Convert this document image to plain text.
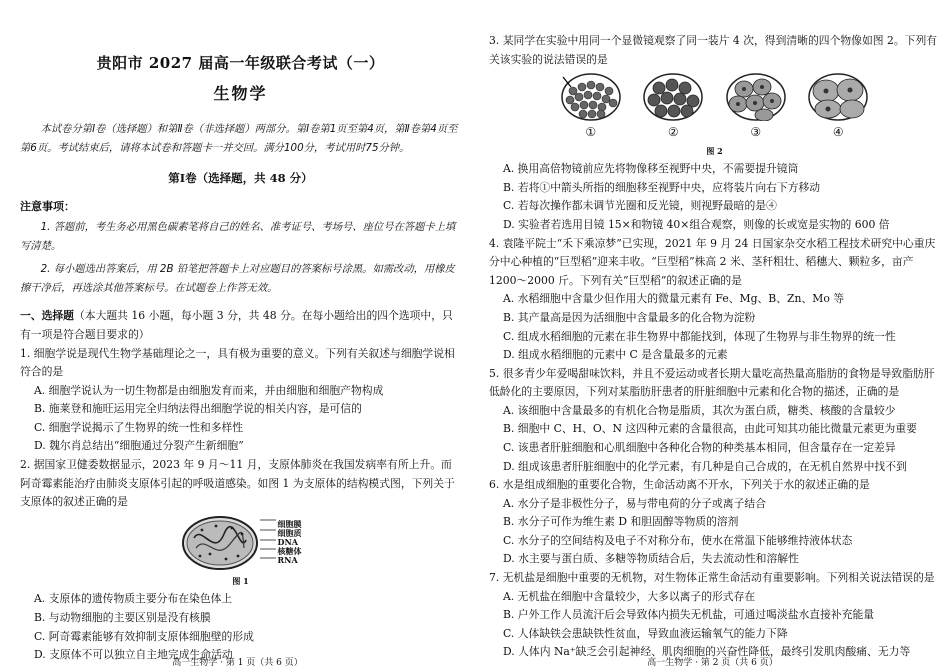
贵阳市 2027 届高一年级联合考试（一）
生物学
本试卷分第Ⅰ卷（选择题）和第Ⅱ卷（非选择题）两部分。第Ⅰ卷第1页至第4页，第Ⅱ卷第4页至第6页。考试结束后，请将本试卷和答题卡一并交回。满分100分，考试用时75分钟。
第Ⅰ卷（选择题，共 48 分）
注意事项：
1. 答题前，考生务必用黑色碳素笔将自己的姓名、准考证号、考场号、座位号在答题卡上填写清楚。
2. 每小题选出答案后，用 2B 铅笔把答题卡上对应题目的答案标号涂黑。如需改动，用橡皮擦干净后，再选涂其他答案标号。在试题卷上作答无效。
一、选择题（本大题共 16 小题，每小题 3 分，共 48 分。在每小题给出的四个选项中，只有一项是符合题目要求的）
1. 细胞学说是现代生物学基础理论之一，具有极为重要的意义。下列有关叙述与细胞学说相符合的是
A. 细胞学说认为一切生物都是由细胞发育而来，并由细胞和细胞产物构成
B. 施莱登和施旺运用完全归纳法得出细胞学说的相关内容，是可信的
C. 细胞学说揭示了生物界的统一性和多样性
D. 魏尔肖总结出“细胞通过分裂产生新细胞”
2. 据国家卫健委数据显示，2023 年 9 月～11 月，支原体肺炎在我国发病率有所上升。而阿奇霉素能治疗由肺炎支原体引起的呼吸道感染。如图 1 为支原体的结构模式图，下列关于支原体的叙述正确的是
细胞膜
细胞质
DNA
核糖体
RNA
图 1
A. 支原体的遗传物质主要分布在染色体上
B. 与动物细胞的主要区别是没有核膜
C. 阿奇霉素能够有效抑制支原体细胞壁的形成
D. 支原体不可以独立自主地完成生命活动
高一生物学 · 第 1 页（共 6 页）
3. 某同学在实验中用同一个显微镜观察了同一装片 4 次，得到清晰的四个物像如图 2。下列有关该实验的说法错误的是
①	②	③	④
图 2
A. 换用高倍物镜前应先将物像移至视野中央，不需要提升镜筒
B. 若将①中箭头所指的细胞移至视野中央，应将装片向右下方移动
C. 若每次操作都未调节光圈和反光镜，则视野最暗的是④
D. 实验者若选用目镜 15×和物镜 40×组合观察，则像的长或宽是实物的 600 倍
4. 袁隆平院士“禾下乘凉梦”已实现，2021 年 9 月 24 日国家杂交水稻工程技术研究中心重庆分中心种植的“巨型稻”迎来丰收。“巨型稻”株高 2 米、茎秆粗壮、稻穗大、颗粒多，亩产 1200～2000 斤。下列有关“巨型稻”的叙述正确的是
A. 水稻细胞中含量少但作用大的微量元素有 Fe、Mg、B、Zn、Mo 等
B. 其产量高是因为活细胞中含量最多的化合物为淀粉
C. 组成水稻细胞的元素在非生物界中都能找到，体现了生物界与非生物界的统一性
D. 组成水稻细胞的元素中 C 是含量最多的元素
5. 很多青少年爱喝甜味饮料，并且不爱运动或者长期大量吃高热量高脂肪的食物是导致脂肪肝低龄化的主要原因，下列对某脂肪肝患者的肝脏细胞中元素和化合物的描述，正确的是
A. 该细胞中含量最多的有机化合物是脂质，其次为蛋白质，糖类、核酸的含量较少
B. 细胞中 C、H、O、N 这四种元素的含量很高，由此可知其功能比微量元素更为重要
C. 该患者肝脏细胞和心肌细胞中各种化合物的种类基本相同，但含量存在一定差异
D. 组成该患者肝脏细胞中的化学元素，有几种是自己合成的，在无机自然界中找不到
6. 水是组成细胞的重要化合物，生命活动离不开水，下列关于水的叙述正确的是
A. 水分子是非极性分子，易与带电荷的分子或离子结合
B. 水分子可作为维生素 D 和胆固醇等物质的溶剂
C. 水分子的空间结构及电子不对称分布，使水在常温下能够维持液体状态
D. 水主要与蛋白质、多糖等物质结合后，失去流动性和溶解性
7. 无机盐是细胞中重要的无机物，对生物体正常生命活动有重要影响。下列相关说法错误的是
A. 无机盐在细胞中含量较少，大多以离子的形式存在
B. 户外工作人员流汗后会导致体内损失无机盐，可通过喝淡盐水直接补充能量
C. 人体缺铁会患缺铁性贫血，导致血液运输氧气的能力下降
D. 人体内 Na⁺缺乏会引起神经、肌肉细胞的兴奋性降低，最终引发肌肉酸痛、无力等
高一生物学 · 第 2 页（共 6 页）
